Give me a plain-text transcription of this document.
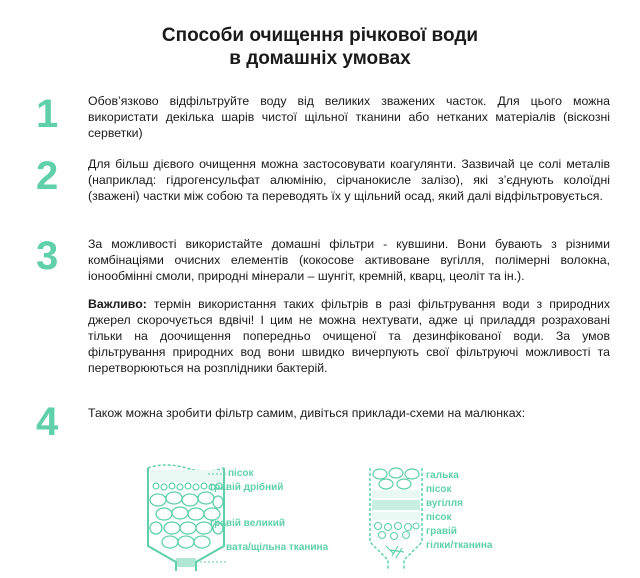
Способи очищення річкової води
в домашніх умовах
1 Обов’язково відфільтруйте воду від великих зважених часток. Для цього можна використати декілька шарів чистої щільної тканини або нетканих матеріалів (віскозні серветки)
2 Для більш дієвого очищення можна застосовувати коагулянти. Зазвичай це солі металів (наприклад: гідрогенсульфат алюмінію, сірчанокисле залізо), які з’єднують колоїдні (зважені) частки між собою та переводять їх у щільний осад, який далі відфільтровується.
3 За можливості використайте домашні фільтри - кувшини. Вони бувають з різними комбінаціями очисних елементів (кокосове активоване вугілля, полімерні волокна, іонообмінні смоли, природні мінерали – шунгіт, кремній, кварц, цеоліт та ін.).
Важливо: термін використання таких фільтрів в разі фільтрування води з природних джерел скорочується вдвічі! І цим не можна нехтувати, адже ці приладдя розраховані тільки на доочищення попередньо очищеної та дезинфікованої води. За умов фільтрування природних вод вони швидко вичерпують свої фільтруючі можливості та перетворюються на розплідники бактерій.
4 Також можна зробити фільтр самим, дивіться приклади-схеми на малюнках:
пісок
гравій дрібний
гравій великий
вата/щільна тканина
галька
пісок
вугілля
пісок
гравій
гілки/тканина
